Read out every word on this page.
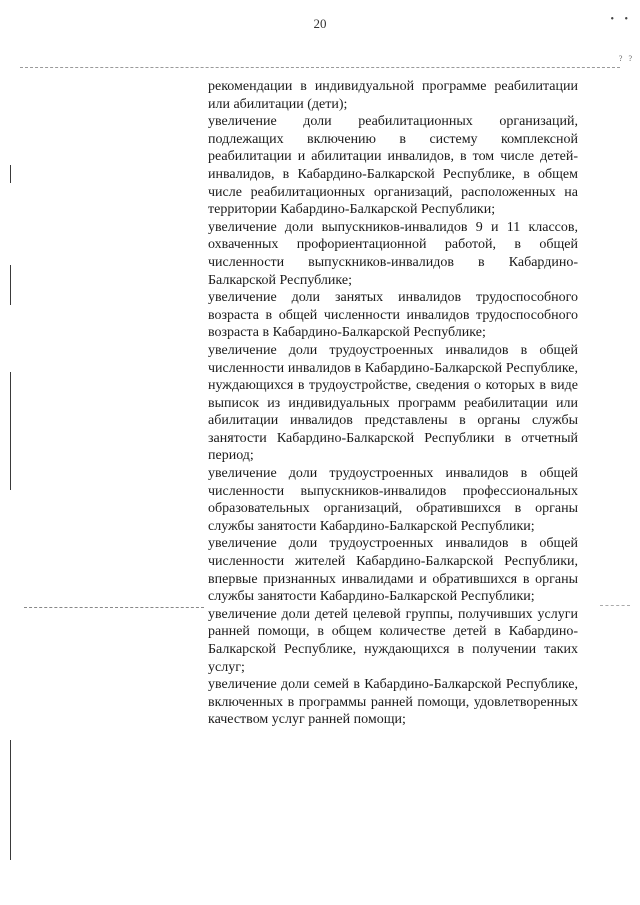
20	• •
? ?

рекомендации в индивидуальной программе реабилитации или абилитации (дети);

увеличение доли реабилитационных организаций, подлежащих включению в систему комплексной реабилитации и абилитации инвалидов, в том числе детей-инвалидов, в Кабардино-Балкарской Республике, в общем числе реабилитационных организаций, расположенных на территории Кабардино-Балкарской Республики;

увеличение доли выпускников-инвалидов 9 и 11 классов, охваченных профориентационной работой, в общей численности выпускников-инвалидов в Кабардино-Балкарской Республике;

увеличение доли занятых инвалидов трудоспособного возраста в общей численности инвалидов трудоспособного возраста в Кабардино-Балкарской Республике;

увеличение доли трудоустроенных инвалидов в общей численности инвалидов в Кабардино-Балкарской Республике, нуждающихся в трудоустройстве, сведения о которых в виде выписок из индивидуальных программ реабилитации или абилитации инвалидов представлены в органы службы занятости Кабардино-Балкарской Республики в отчетный период;

увеличение доли трудоустроенных инвалидов в общей численности выпускников-инвалидов профессиональных образовательных организаций, обратившихся в органы службы занятости Кабардино-Балкарской Республики;

увеличение доли трудоустроенных инвалидов в общей численности жителей Кабардино-Балкарской Республики, впервые признанных инвалидами и обратившихся в органы службы занятости Кабардино-Балкарской Республики;

увеличение доли детей целевой группы, получивших услуги ранней помощи, в общем количестве детей в Кабардино-Балкарской Республике, нуждающихся в получении таких услуг;

увеличение доли семей в Кабардино-Балкарской Республике, включенных в программы ранней помощи, удовлетворенных качеством услуг ранней помощи;
